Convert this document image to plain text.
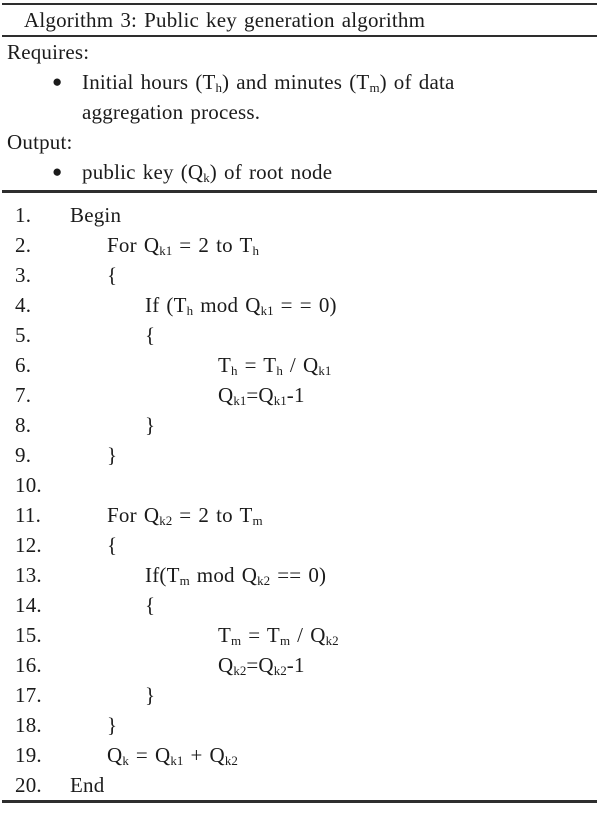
Algorithm 3: Public key generation algorithm
Requires:
● Initial hours $(T_h)$ and minutes $(T_m)$ of data aggregation process.
Output:
● public key $(Q_k)$ of root node
1.	Begin
2.	For $Q_{k1} = 2$ to $T_h$
3.	{
4.	If ($T_h$ mod $Q_{k1}$ = = 0)
5.	{
6.	$T_h = T_h / Q_{k1}$
7.	$Q_{k1}=Q_{k1}-1$
8.	}
9.	}
10.
11.	For $Q_{k2} = 2$ to $T_m$
12.	{
13.	$If(T_m$ mod $Q_{k2} == 0$)
14.	{
15.	$T_m = T_m / Q_{k2}$
16.	$Q_{k2}=Q_{k2}-1$
17.	}
18.	}
19.	$Q_k = Q_{k1} + Q_{k2}$
20.	End
